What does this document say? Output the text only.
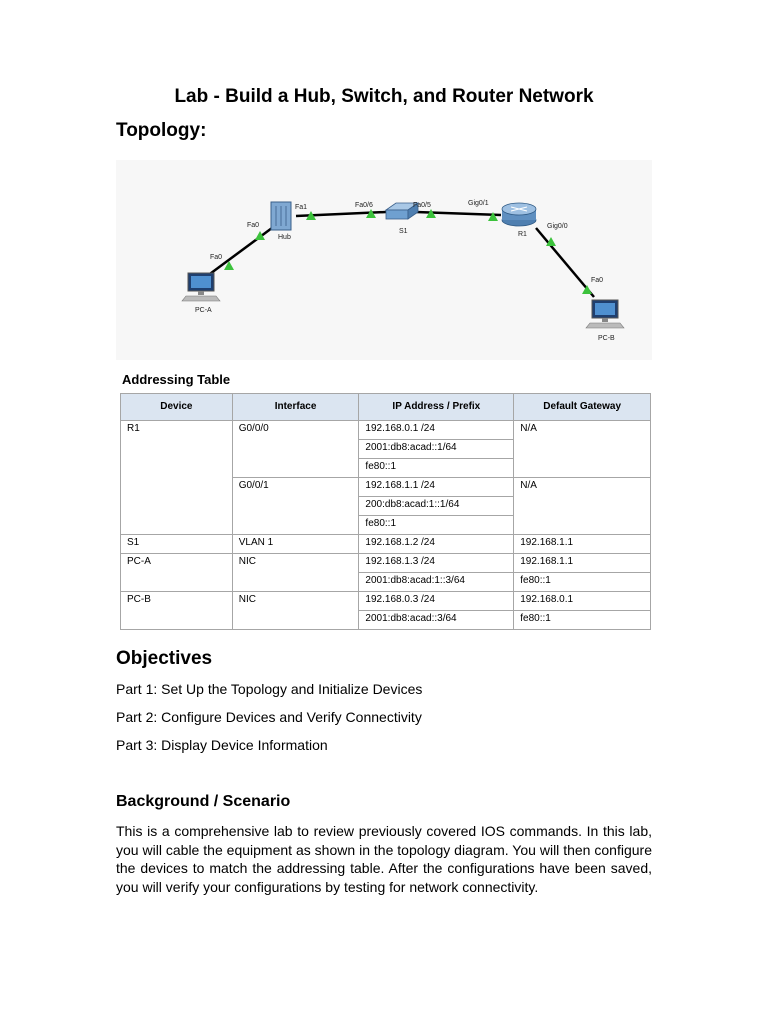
Lab - Build a Hub, Switch, and Router Network
Topology:
Fa1
Fa0
Hub
Fa0
PC-A
Fa0/6	Fa0/5
S1
Gig0/1
R1
Gig0/0
Fa0
PC-B
Addressing Table
Device	Interface	IP Address / Prefix	Default Gateway
R1	G0/0/0	192.168.0.1 /24	N/A
		2001:db8:acad::1/64	
		fe80::1	
	G0/0/1	192.168.1.1 /24	N/A
		200:db8:acad:1::1/64	
		fe80::1	
S1	VLAN 1	192.168.1.2 /24	192.168.1.1
PC-A	NIC	192.168.1.3 /24	192.168.1.1
		2001:db8:acad:1::3/64	fe80::1
PC-B	NIC	192.168.0.3 /24	192.168.0.1
		2001:db8:acad::3/64	fe80::1
Objectives
Part 1: Set Up the Topology and Initialize Devices
Part 2: Configure Devices and Verify Connectivity
Part 3: Display Device Information
Background / Scenario

This is a comprehensive lab to review previously covered IOS commands. In this lab, you will cable the equipment as shown in the topology diagram. You will then configure the devices to match the addressing table. After the configurations have been saved, you will verify your configurations by testing for network connectivity.
